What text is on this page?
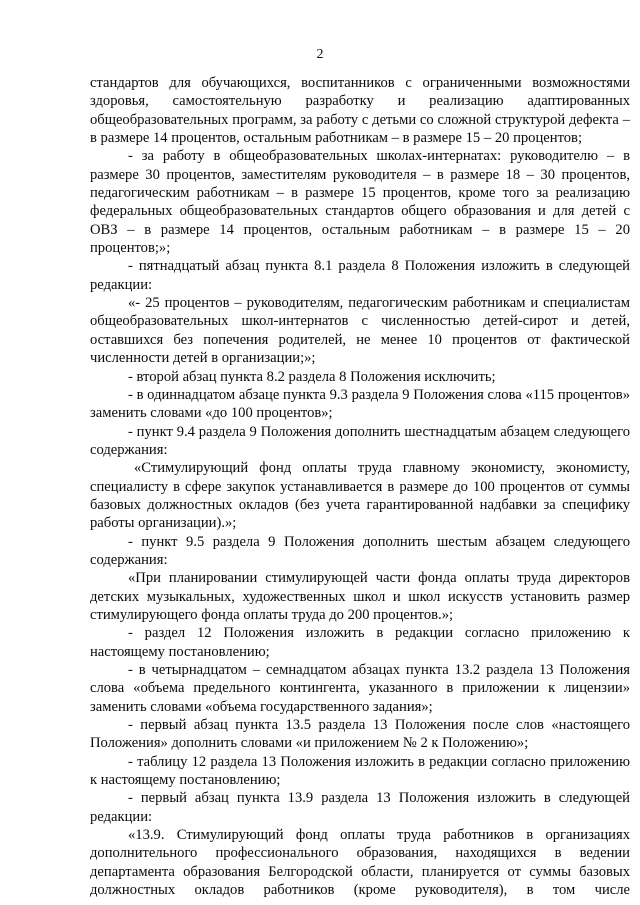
2

стандартов для обучающихся, воспитанников с ограниченными возможностями здоровья, самостоятельную разработку и реализацию адаптированных общеобразовательных программ, за работу с детьми со сложной структурой дефекта – в размере 14 процентов, остальным работникам – в размере 15 – 20 процентов;

- за работу в общеобразовательных школах-интернатах: руководителю – в размере 30 процентов, заместителям руководителя – в размере 18 – 30 процентов, педагогическим работникам – в размере 15 процентов, кроме того за реализацию федеральных общеобразовательных стандартов общего образования и для детей с ОВЗ – в размере 14 процентов, остальным работникам – в размере 15 – 20 процентов;»;

- пятнадцатый абзац пункта 8.1 раздела 8 Положения изложить в следующей редакции:

«- 25 процентов – руководителям, педагогическим работникам и специалистам общеобразовательных школ-интернатов с численностью детей-сирот и детей, оставшихся без попечения родителей, не менее 10 процентов от фактической численности детей в организации;»;

- второй абзац пункта 8.2 раздела 8 Положения исключить;

- в одиннадцатом абзаце пункта 9.3 раздела 9 Положения слова «115 процентов» заменить словами «до 100 процентов»;

- пункт 9.4 раздела 9 Положения дополнить шестнадцатым абзацем следующего содержания:

«Стимулирующий фонд оплаты труда главному экономисту, экономисту, специалисту в сфере закупок устанавливается в размере до 100 процентов от суммы базовых должностных окладов (без учета гарантированной надбавки за специфику работы организации).»;

- пункт 9.5 раздела 9 Положения дополнить шестым абзацем следующего содержания:

«При планировании стимулирующей части фонда оплаты труда директоров детских музыкальных, художественных школ и школ искусств установить размер стимулирующего фонда оплаты труда до 200 процентов.»;

- раздел 12 Положения изложить в редакции согласно приложению к настоящему постановлению;

- в четырнадцатом – семнадцатом абзацах пункта 13.2 раздела 13 Положения слова «объема предельного контингента, указанного в приложении к лицензии» заменить словами «объема государственного задания»;

- первый абзац пункта 13.5 раздела 13 Положения после слов «настоящего Положения» дополнить словами «и приложением № 2 к Положению»;

- таблицу 12 раздела 13 Положения изложить в редакции согласно приложению к настоящему постановлению;

- первый абзац пункта 13.9 раздела 13 Положения изложить в следующей редакции:

«13.9. Стимулирующий фонд оплаты труда работников в организациях дополнительного профессионального образования, находящихся в ведении департамента образования Белгородской области, планируется от суммы базовых должностных окладов работников (кроме руководителя), в том числе
